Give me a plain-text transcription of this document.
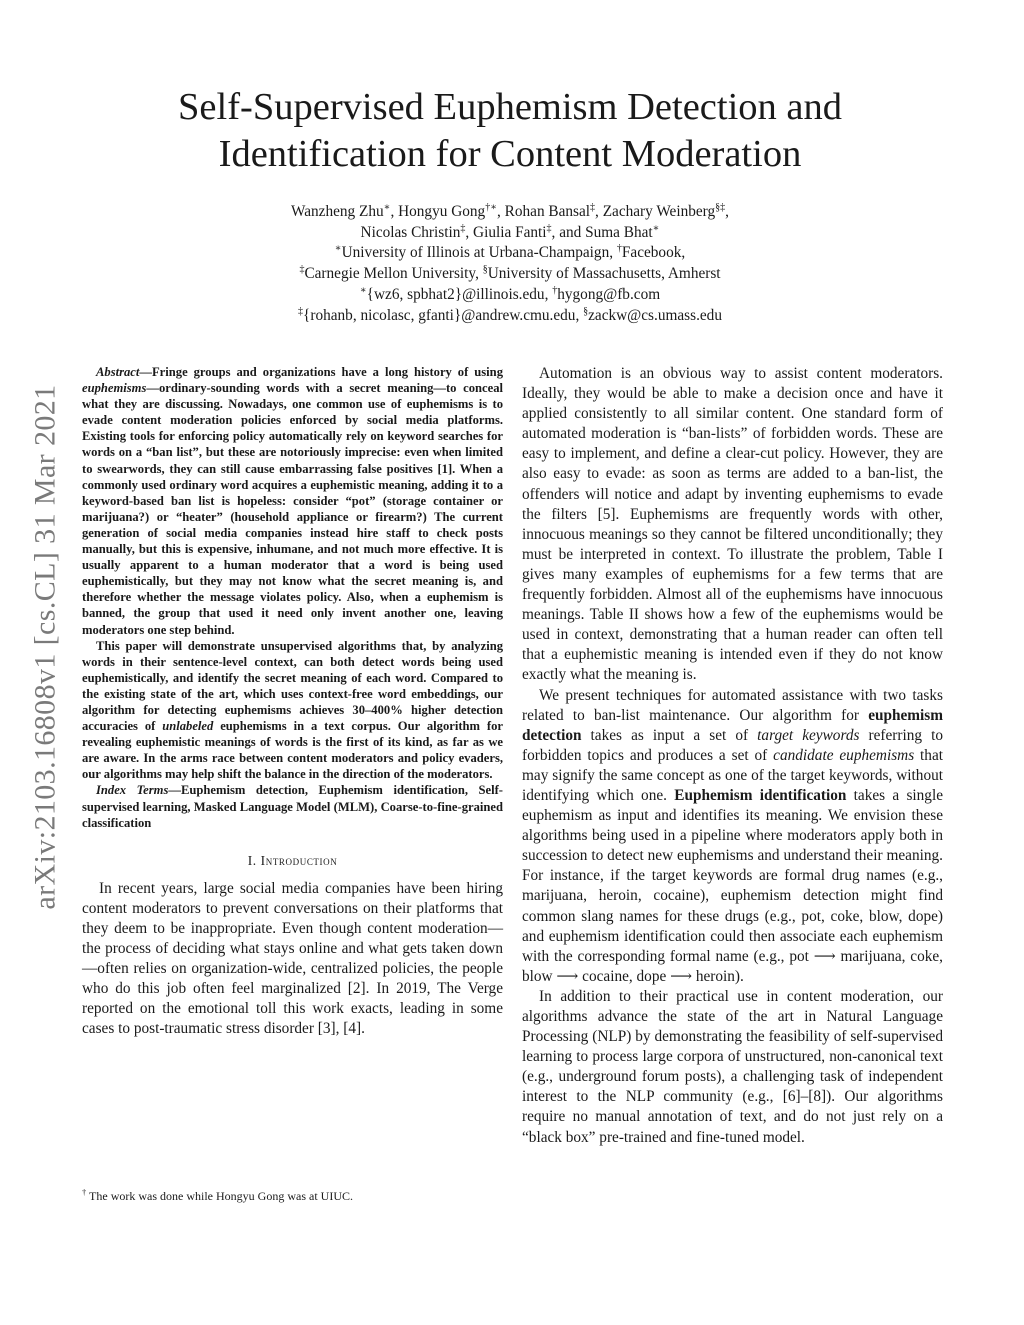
arXiv:2103.16808v1 [cs.CL] 31 Mar 2021
Self-Supervised Euphemism Detection and
Identification for Content Moderation
Wanzheng Zhu∗, Hongyu Gong†∗, Rohan Bansal‡, Zachary Weinberg§‡,
Nicolas Christin‡, Giulia Fanti‡, and Suma Bhat∗
∗University of Illinois at Urbana-Champaign, †Facebook,
‡Carnegie Mellon University, §University of Massachusetts, Amherst
∗{wz6, spbhat2}@illinois.edu, †hygong@fb.com
‡{rohanb, nicolasc, gfanti}@andrew.cmu.edu, §zackw@cs.umass.edu

Abstract—Fringe groups and organizations have a long history of using euphemisms—ordinary-sounding words with a secret meaning—to conceal what they are discussing. Nowadays, one common use of euphemisms is to evade content moderation policies enforced by social media platforms. Existing tools for enforcing policy automatically rely on keyword searches for words on a “ban list”, but these are notoriously imprecise: even when limited to swearwords, they can still cause embarrassing false positives [1]. When a commonly used ordinary word acquires a euphemistic meaning, adding it to a keyword-based ban list is hopeless: consider “pot” (storage container or marijuana?) or “heater” (household appliance or firearm?) The current generation of social media companies instead hire staff to check posts manually, but this is expensive, inhumane, and not much more effective. It is usually apparent to a human moderator that a word is being used euphemistically, but they may not know what the secret meaning is, and therefore whether the message violates policy. Also, when a euphemism is banned, the group that used it need only invent another one, leaving moderators one step behind.

This paper will demonstrate unsupervised algorithms that, by analyzing words in their sentence-level context, can both detect words being used euphemistically, and identify the secret meaning of each word. Compared to the existing state of the art, which uses context-free word embeddings, our algorithm for detecting euphemisms achieves 30–400% higher detection accuracies of unlabeled euphemisms in a text corpus. Our algorithm for revealing euphemistic meanings of words is the first of its kind, as far as we are aware. In the arms race between content moderators and policy evaders, our algorithms may help shift the balance in the direction of the moderators.

Index Terms—Euphemism detection, Euphemism identification, Self-supervised learning, Masked Language Model (MLM), Coarse-to-fine-grained classification

I. Introduction

In recent years, large social media companies have been hiring content moderators to prevent conversations on their platforms that they deem to be inappropriate. Even though content moderation—the process of deciding what stays online and what gets taken down—often relies on organization-wide, centralized policies, the people who do this job often feel marginalized [2]. In 2019, The Verge reported on the emotional toll this work exacts, leading in some cases to post-traumatic stress disorder [3], [4].

† The work was done while Hongyu Gong was at UIUC.

Automation is an obvious way to assist content moderators. Ideally, they would be able to make a decision once and have it applied consistently to all similar content. One standard form of automated moderation is “ban-lists” of forbidden words. These are easy to implement, and define a clear-cut policy. However, they are also easy to evade: as soon as terms are added to a ban-list, the offenders will notice and adapt by inventing euphemisms to evade the filters [5]. Euphemisms are frequently words with other, innocuous meanings so they cannot be filtered unconditionally; they must be interpreted in context. To illustrate the problem, Table I gives many examples of euphemisms for a few terms that are frequently forbidden. Almost all of the euphemisms have innocuous meanings. Table II shows how a few of the euphemisms would be used in context, demonstrating that a human reader can often tell that a euphemistic meaning is intended even if they do not know exactly what the meaning is.

We present techniques for automated assistance with two tasks related to ban-list maintenance. Our algorithm for euphemism detection takes as input a set of target keywords referring to forbidden topics and produces a set of candidate euphemisms that may signify the same concept as one of the target keywords, without identifying which one. Euphemism identification takes a single euphemism as input and identifies its meaning. We envision these algorithms being used in a pipeline where moderators apply both in succession to detect new euphemisms and understand their meaning. For instance, if the target keywords are formal drug names (e.g., marijuana, heroin, cocaine), euphemism detection might find common slang names for these drugs (e.g., pot, coke, blow, dope) and euphemism identification could then associate each euphemism with the corresponding formal name (e.g., pot ⟶ marijuana, coke, blow ⟶ cocaine, dope ⟶ heroin).

In addition to their practical use in content moderation, our algorithms advance the state of the art in Natural Language Processing (NLP) by demonstrating the feasibility of self-supervised learning to process large corpora of unstructured, non-canonical text (e.g., underground forum posts), a challenging task of independent interest to the NLP community (e.g., [6]–[8]). Our algorithms require no manual annotation of text, and do not just rely on a “black box” pre-trained and fine-tuned model.
